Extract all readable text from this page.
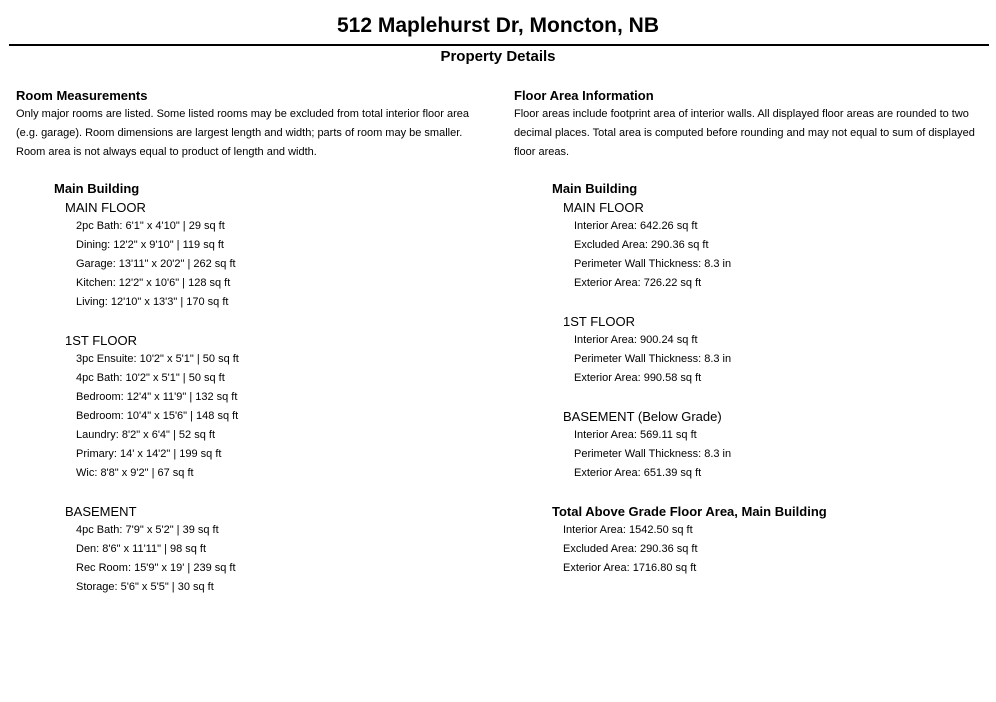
512 Maplehurst Dr, Moncton, NB
Property Details

Room Measurements

Only major rooms are listed. Some listed rooms may be excluded from total interior floor area (e.g. garage). Room dimensions are largest length and width; parts of room may be smaller. Room area is not always equal to product of length and width.

Main Building
MAIN FLOOR
2pc Bath: 6'1" x 4'10" | 29 sq ft
Dining: 12'2" x 9'10" | 119 sq ft
Garage: 13'11" x 20'2" | 262 sq ft
Kitchen: 12'2" x 10'6" | 128 sq ft
Living: 12'10" x 13'3" | 170 sq ft
1ST FLOOR
3pc Ensuite: 10'2" x 5'1" | 50 sq ft
4pc Bath: 10'2" x 5'1" | 50 sq ft
Bedroom: 12'4" x 11'9" | 132 sq ft
Bedroom: 10'4" x 15'6" | 148 sq ft
Laundry: 8'2" x 6'4" | 52 sq ft
Primary: 14' x 14'2" | 199 sq ft
Wic: 8'8" x 9'2" | 67 sq ft
BASEMENT
4pc Bath: 7'9" x 5'2" | 39 sq ft
Den: 8'6" x 11'11" | 98 sq ft
Rec Room: 15'9" x 19' | 239 sq ft
Storage: 5'6" x 5'5" | 30 sq ft

Floor Area Information

Floor areas include footprint area of interior walls. All displayed floor areas are rounded to two decimal places. Total area is computed before rounding and may not equal to sum of displayed floor areas.

Main Building
MAIN FLOOR
Interior Area: 642.26 sq ft
Excluded Area: 290.36 sq ft
Perimeter Wall Thickness: 8.3 in
Exterior Area: 726.22 sq ft
1ST FLOOR
Interior Area: 900.24 sq ft
Perimeter Wall Thickness: 8.3 in
Exterior Area: 990.58 sq ft
BASEMENT (Below Grade)
Interior Area: 569.11 sq ft
Perimeter Wall Thickness: 8.3 in
Exterior Area: 651.39 sq ft
Total Above Grade Floor Area, Main Building
Interior Area: 1542.50 sq ft
Excluded Area: 290.36 sq ft
Exterior Area: 1716.80 sq ft
